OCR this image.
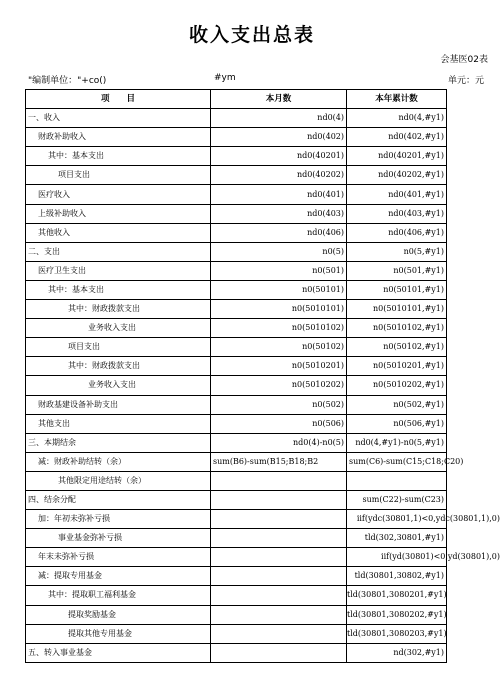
收入支出总表
会基医02表
"编制单位："+co()	#ym	单元：元
项　　目	本月数	本年累计数
一、收入	nd0(4)	nd0(4,#y1)
财政补助收入	nd0(402)	nd0(402,#y1)
其中：基本支出	nd0(40201)	nd0(40201,#y1)
项目支出	nd0(40202)	nd0(40202,#y1)
医疗收入	nd0(401)	nd0(401,#y1)
上级补助收入	nd0(403)	nd0(403,#y1)
其他收入	nd0(406)	nd0(406,#y1)
二、支出	n0(5)	n0(5,#y1)
医疗卫生支出	n0(501)	n0(501,#y1)
其中：基本支出	n0(50101)	n0(50101,#y1)
其中：财政拨款支出	n0(5010101)	n0(5010101,#y1)
业务收入支出	n0(5010102)	n0(5010102,#y1)
项目支出	n0(50102)	n0(50102,#y1)
其中：财政拨款支出	n0(5010201)	n0(5010201,#y1)
业务收入支出	n0(5010202)	n0(5010202,#y1)
财政基建设备补助支出	n0(502)	n0(502,#y1)
其他支出	n0(506)	n0(506,#y1)
三、本期结余	nd0(4)-n0(5)	nd0(4,#y1)-n0(5,#y1)
减：财政补助结转（余）	sum(B6)-sum(B15;B18;B2	sum(C6)-sum(C15;C18;C20)
其他限定用途结转（余）		
四、结余分配		sum(C22)-sum(C23)
加：年初未弥补亏损		iif(ydc(30801,1)<0,ydc(30801,1),0)

事业基金弥补亏损		tld(302,30801,#y1)
年末未弥补亏损		iif(yd(30801)<0,yd(30801),0)

减：提取专用基金		tld(30801,30802,#y1)
其中：提取职工福利基金		tld(30801,3080201,#y1)
提取奖励基金		tld(30801,3080202,#y1)
提取其他专用基金		tld(30801,3080203,#y1)
五、转入事业基金		nd(302,#y1)
